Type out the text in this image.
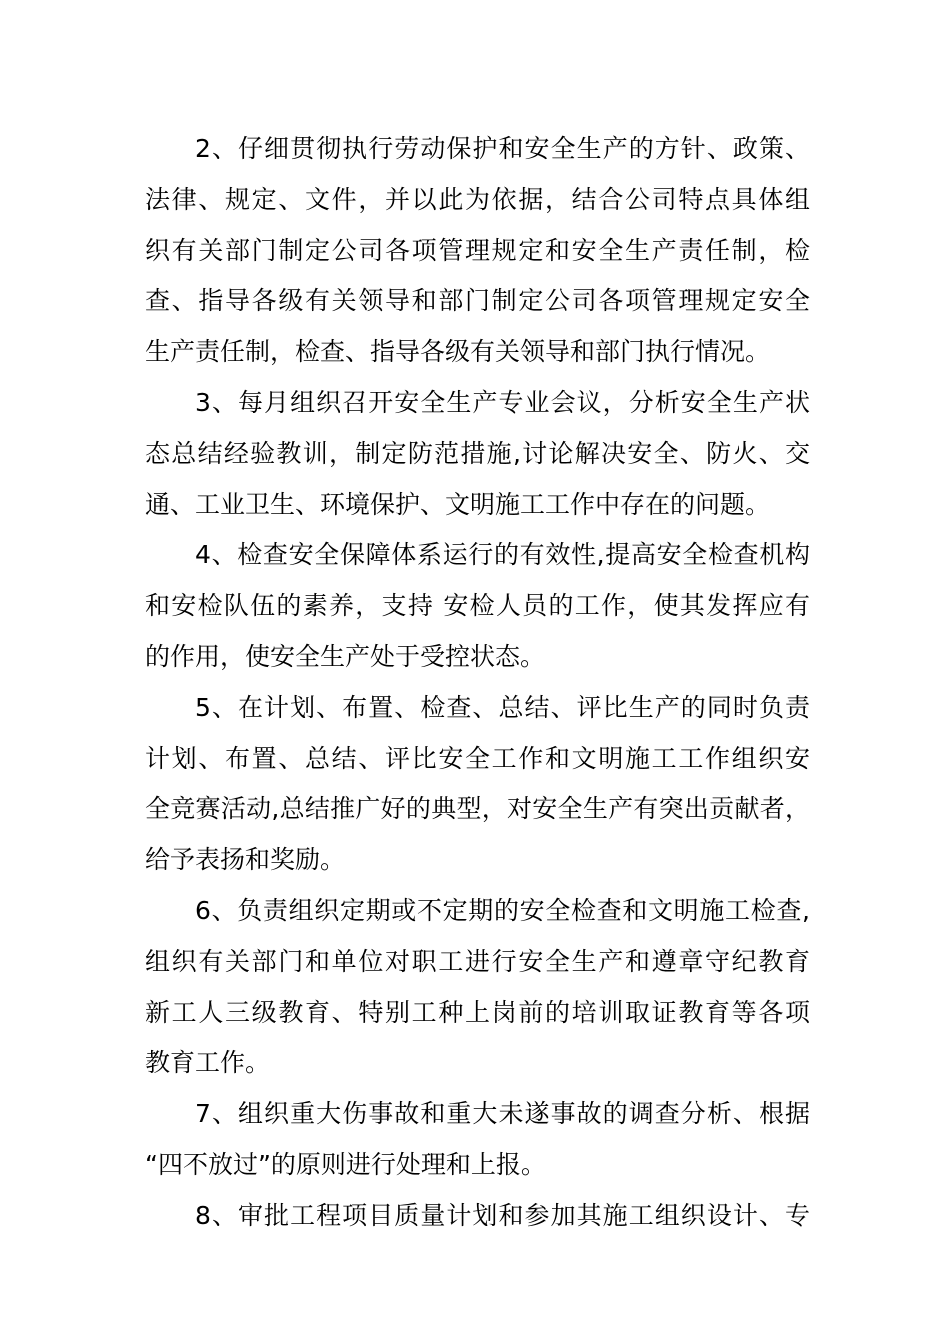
2、仔细贯彻执行劳动保护和安全生产的方针、政策、
法律、规定、文件，并以此为依据，结合公司特点具体组
织有关部门制定公司各项管理规定和安全生产责任制，检
查、指导各级有关领导和部门制定公司各项管理规定安全
生产责任制，检查、指导各级有关领导和部门执行情况。
3、每月组织召开安全生产专业会议，分析安全生产状
态总结经验教训，制定防范措施,讨论解决安全、防火、交
通、工业卫生、环境保护、文明施工工作中存在的问题。
4、检查安全保障体系运行的有效性,提高安全检查机构
和安检队伍的素养，支持 安检人员的工作，使其发挥应有
的作用，使安全生产处于受控状态。
5、在计划、布置、检查、总结、评比生产的同时负责
计划、布置、总结、评比安全工作和文明施工工作组织安
全竞赛活动,总结推广好的典型，对安全生产有突出贡献者，
给予表扬和奖励。
6、负责组织定期或不定期的安全检查和文明施工检查,
组织有关部门和单位对职工进行安全生产和遵章守纪教育
新工人三级教育、特别工种上岗前的培训取证教育等各项
教育工作。
7、组织重大伤事故和重大未遂事故的调查分析、根据
“四不放过”的原则进行处理和上报。
8、审批工程项目质量计划和参加其施工组织设计、专
